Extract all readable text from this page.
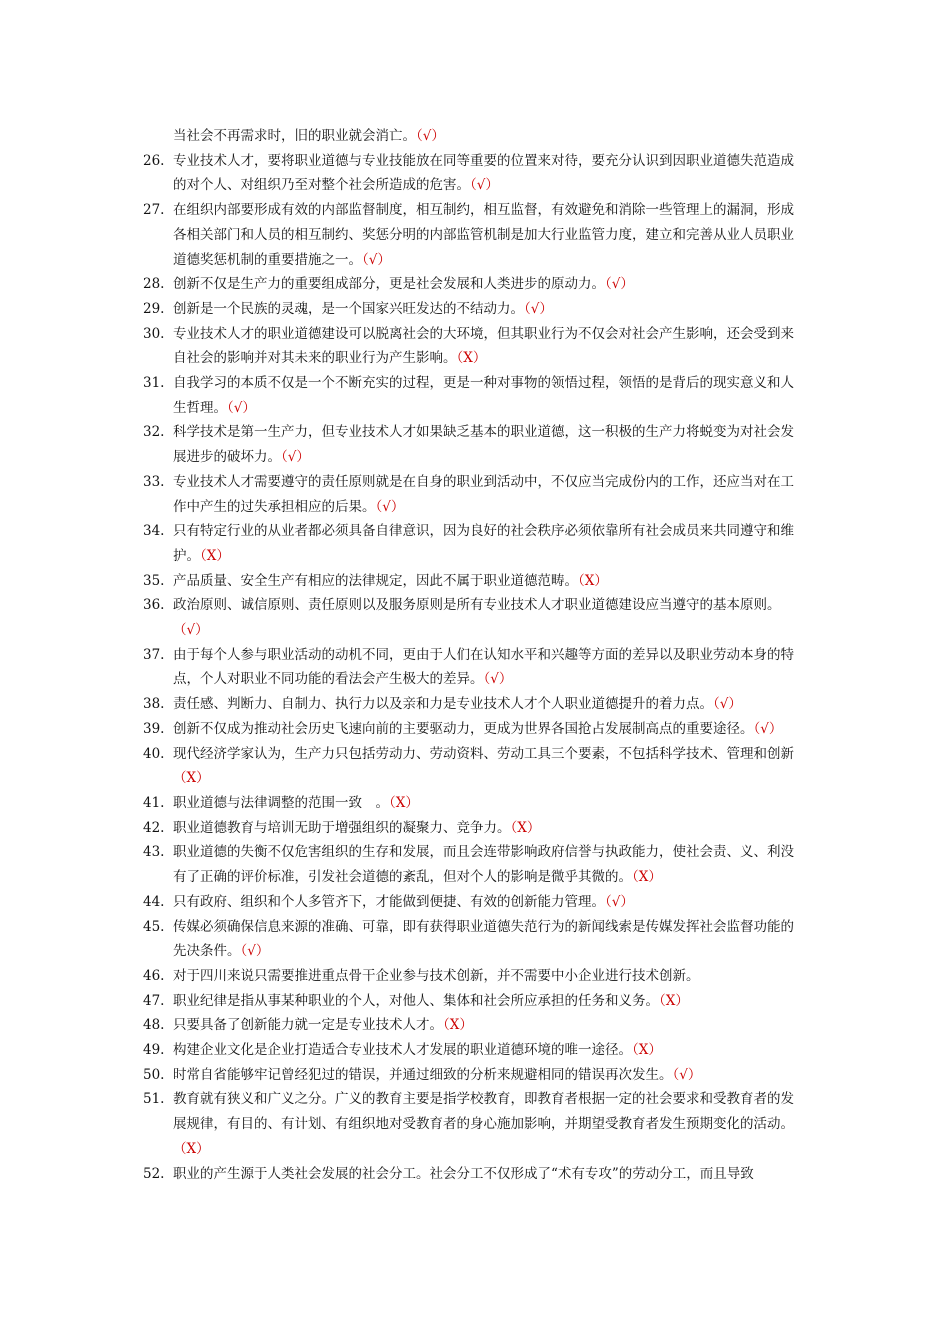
当社会不再需求时，旧的职业就会消亡。（√）
26. 专业技术人才，要将职业道德与专业技能放在同等重要的位置来对待，要充分认识到因职业道德失范造成的对个人、对组织乃至对整个社会所造成的危害。（√）
27. 在组织内部要形成有效的内部监督制度，相互制约，相互监督，有效避免和消除一些管理上的漏洞，形成各相关部门和人员的相互制约、奖惩分明的内部监管机制是加大行业监管力度，建立和完善从业人员职业道德奖惩机制的重要措施之一。（√）
28. 创新不仅是生产力的重要组成部分，更是社会发展和人类进步的原动力。（√）
29. 创新是一个民族的灵魂，是一个国家兴旺发达的不结动力。（√）
30. 专业技术人才的职业道德建设可以脱离社会的大环境，但其职业行为不仅会对社会产生影响，还会受到来自社会的影响并对其未来的职业行为产生影响。（X）
31. 自我学习的本质不仅是一个不断充实的过程，更是一种对事物的领悟过程，领悟的是背后的现实意义和人生哲理。（√）
32. 科学技术是第一生产力，但专业技术人才如果缺乏基本的职业道德，这一积极的生产力将蜕变为对社会发展进步的破坏力。（√）
33. 专业技术人才需要遵守的责任原则就是在自身的职业到活动中，不仅应当完成份内的工作，还应当对在工作中产生的过失承担相应的后果。（√）
34. 只有特定行业的从业者都必须具备自律意识，因为良好的社会秩序必须依靠所有社会成员来共同遵守和维护。（X）
35. 产品质量、安全生产有相应的法律规定，因此不属于职业道德范畴。（X）
36. 政治原则、诚信原则、责任原则以及服务原则是所有专业技术人才职业道德建设应当遵守的基本原则。（√）
37. 由于每个人参与职业活动的动机不同，更由于人们在认知水平和兴趣等方面的差异以及职业劳动本身的特点，个人对职业不同功能的看法会产生极大的差异。（√）
38. 责任感、判断力、自制力、执行力以及亲和力是专业技术人才个人职业道德提升的着力点。（√）
39. 创新不仅成为推动社会历史飞速向前的主要驱动力，更成为世界各国抢占发展制高点的重要途径。（√）
40. 现代经济学家认为，生产力只包括劳动力、劳动资料、劳动工具三个要素，不包括科学技术、管理和创新（X）
41. 职业道德与法律调整的范围一致　。（X）
42. 职业道德教育与培训无助于增强组织的凝聚力、竞争力。（X）
43. 职业道德的失衡不仅危害组织的生存和发展，而且会连带影响政府信誉与执政能力，使社会责、义、利没有了正确的评价标准，引发社会道德的紊乱，但对个人的影响是微乎其微的。（X）
44. 只有政府、组织和个人多管齐下，才能做到便捷、有效的创新能力管理。（√）
45. 传媒必须确保信息来源的准确、可靠，即有获得职业道德失范行为的新闻线索是传媒发挥社会监督功能的先决条件。（√）
46. 对于四川来说只需要推进重点骨干企业参与技术创新，并不需要中小企业进行技术创新。
47. 职业纪律是指从事某种职业的个人，对他人、集体和社会所应承担的任务和义务。（X）
48. 只要具备了创新能力就一定是专业技术人才。（X）
49. 构建企业文化是企业打造适合专业技术人才发展的职业道德环境的唯一途径。（X）
50. 时常自省能够牢记曾经犯过的错误，并通过细致的分析来规避相同的错误再次发生。（√）
51. 教育就有狭义和广义之分。广义的教育主要是指学校教育，即教育者根据一定的社会要求和受教育者的发展规律，有目的、有计划、有组织地对受教育者的身心施加影响，并期望受教育者发生预期变化的活动。（X）
52. 职业的产生源于人类社会发展的社会分工。社会分工不仅形成了“术有专攻”的劳动分工，而且导致
